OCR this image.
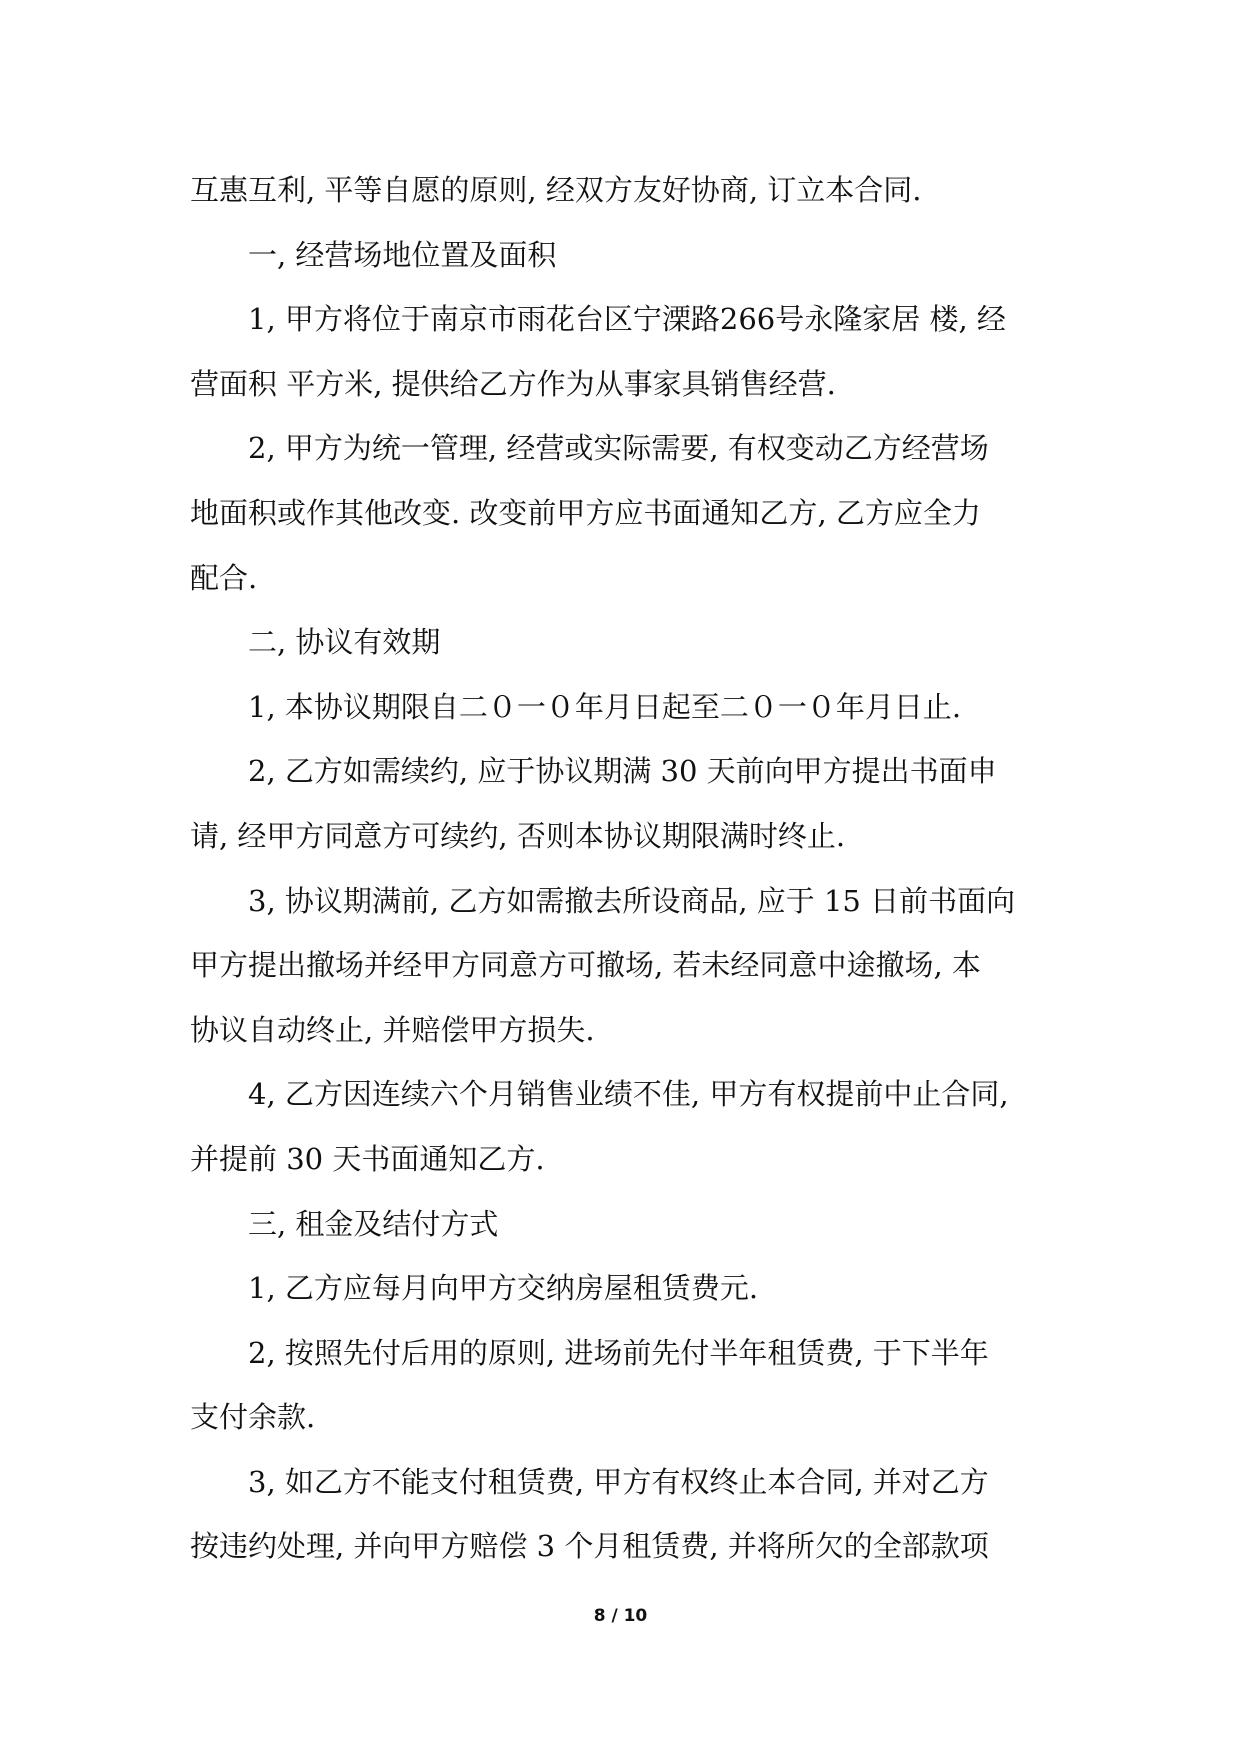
互惠互利, 平等自愿的原则, 经双方友好协商, 订立本合同.
一, 经营场地位置及面积
1, 甲方将位于南京市雨花台区宁溧路266号永隆家居 楼, 经
营面积 平方米, 提供给乙方作为从事家具销售经营.
2, 甲方为统一管理, 经营或实际需要, 有权变动乙方经营场
地面积或作其他改变. 改变前甲方应书面通知乙方, 乙方应全力
配合.
二, 协议有效期
1, 本协议期限自二０一０年月日起至二０一０年月日止.
2, 乙方如需续约, 应于协议期满 30 天前向甲方提出书面申
请, 经甲方同意方可续约, 否则本协议期限满时终止.
3, 协议期满前, 乙方如需撤去所设商品, 应于 15 日前书面向
甲方提出撤场并经甲方同意方可撤场, 若未经同意中途撤场, 本
协议自动终止, 并赔偿甲方损失.
4, 乙方因连续六个月销售业绩不佳, 甲方有权提前中止合同,
并提前 30 天书面通知乙方.
三, 租金及结付方式
1, 乙方应每月向甲方交纳房屋租赁费元.
2, 按照先付后用的原则, 进场前先付半年租赁费, 于下半年
支付余款.
3, 如乙方不能支付租赁费, 甲方有权终止本合同, 并对乙方
按违约处理, 并向甲方赔偿 3 个月租赁费, 并将所欠的全部款项
8 / 10
